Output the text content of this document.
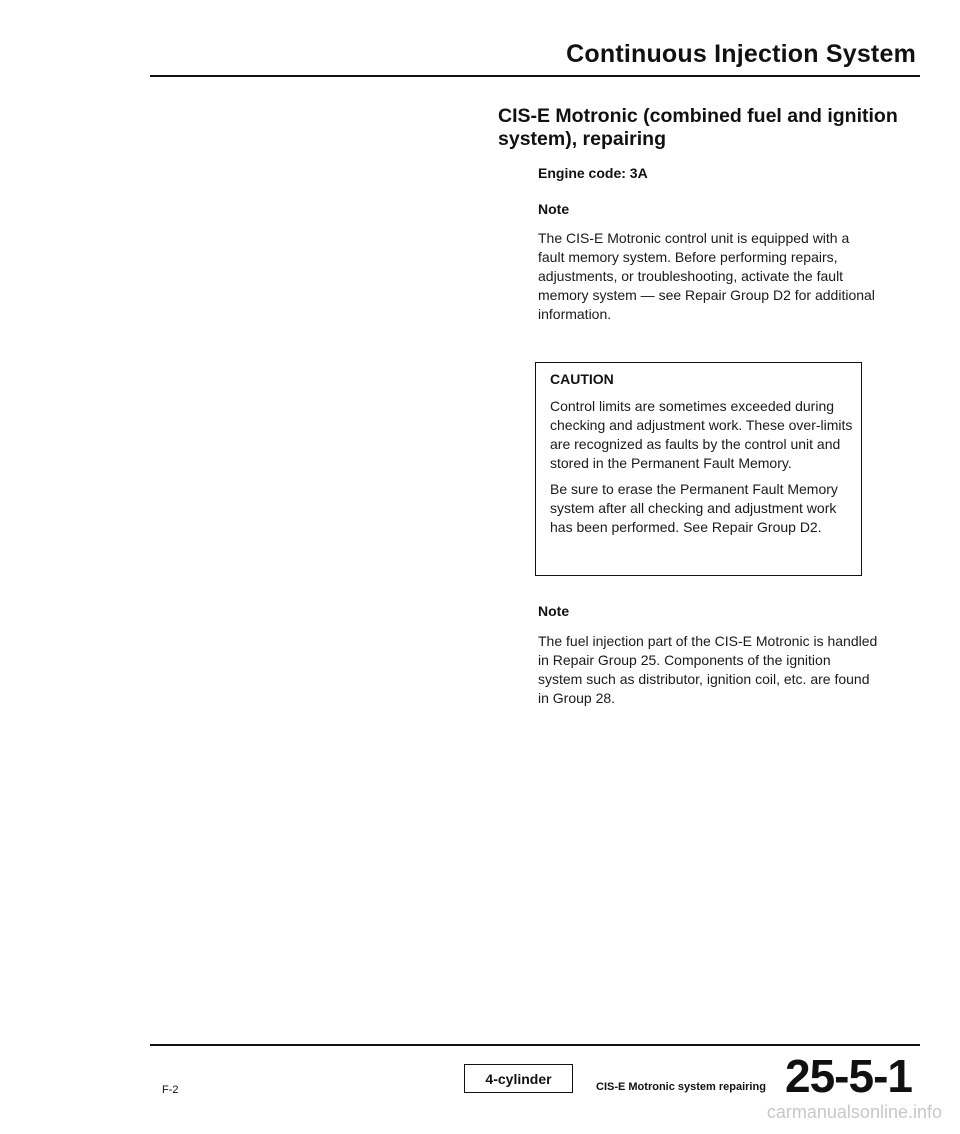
Continuous Injection System
CIS-E Motronic (combined fuel and ignition system), repairing
Engine code: 3A
Note
The CIS-E Motronic control unit is equipped with a fault memory system. Before performing repairs, adjustments, or troubleshooting, activate the fault memory system — see Repair Group D2 for additional information.
CAUTION
Control limits are sometimes exceeded during checking and adjustment work. These over-limits are recognized as faults by the control unit and stored in the Permanent Fault Memory.
Be sure to erase the Permanent Fault Memory system after all checking and adjustment work has been performed. See Repair Group D2.
Note
The fuel injection part of the CIS-E Motronic is handled in Repair Group 25. Components of the ignition system such as distributor, ignition coil, etc. are found in Group 28.
F-2
4-cylinder
CIS-E Motronic system repairing 25-5-1
carmanualsonline.info
